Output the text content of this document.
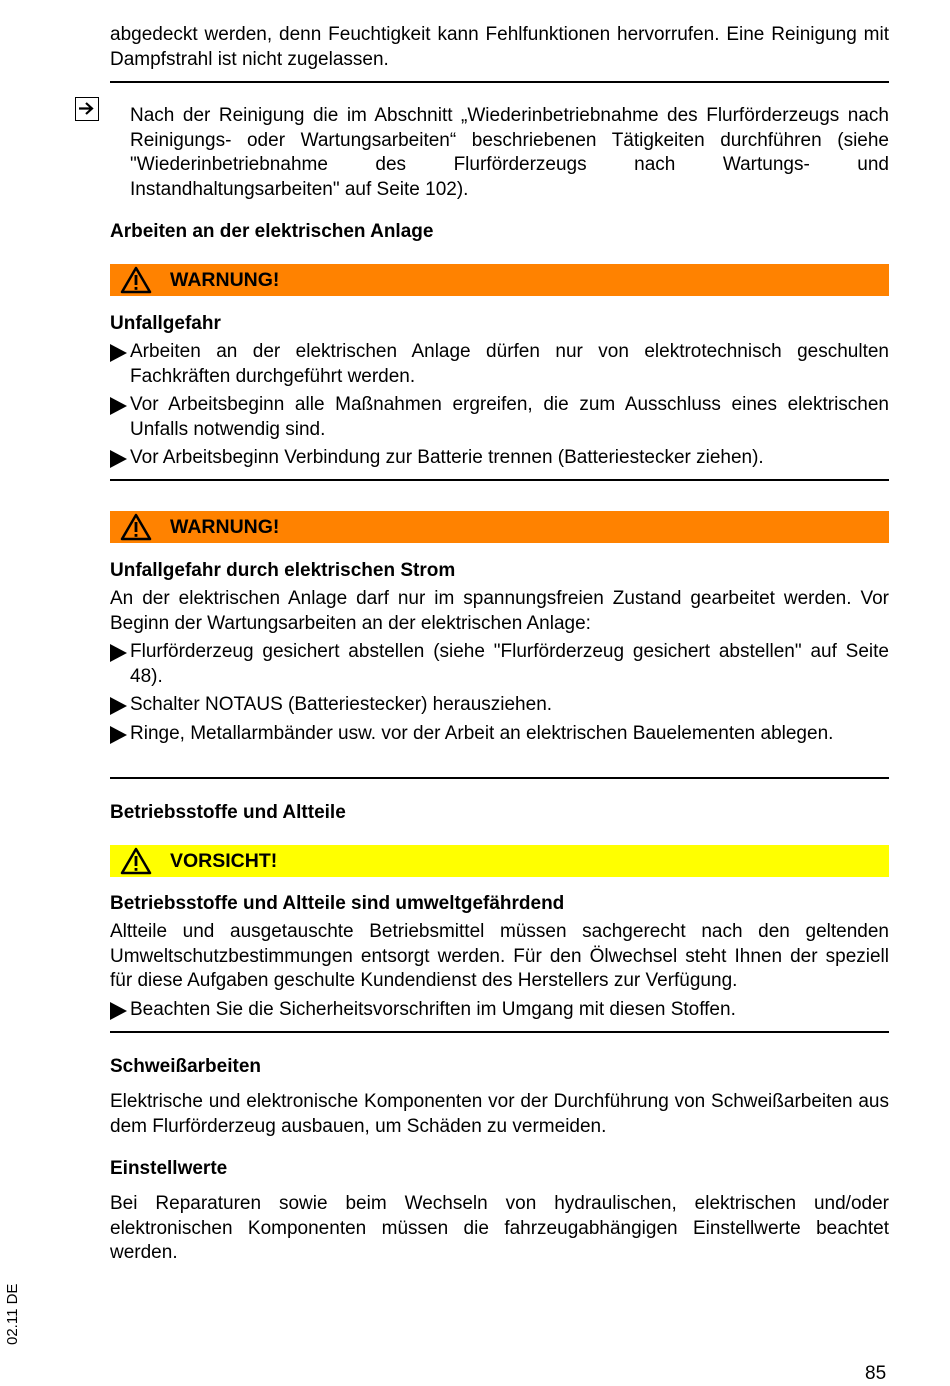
abgedeckt werden, denn Feuchtigkeit kann Fehlfunktionen hervorrufen. Eine Reinigung mit Dampfstrahl ist nicht zugelassen.

Nach der Reinigung die im Abschnitt „Wiederinbetriebnahme des Flurförderzeugs nach Reinigungs- oder Wartungsarbeiten“ beschriebenen Tätigkeiten durchführen (siehe "Wiederinbetriebnahme des Flurförderzeugs nach Wartungs- und Instandhaltungsarbeiten" auf Seite 102).

Arbeiten an der elektrischen Anlage

WARNUNG!

Unfallgefahr

Arbeiten an der elektrischen Anlage dürfen nur von elektrotechnisch geschulten Fachkräften durchgeführt werden.
Vor Arbeitsbeginn alle Maßnahmen ergreifen, die zum Ausschluss eines elektrischen Unfalls notwendig sind.
Vor Arbeitsbeginn Verbindung zur Batterie trennen (Batteriestecker ziehen).
WARNUNG!

Unfallgefahr durch elektrischen Strom

An der elektrischen Anlage darf nur im spannungsfreien Zustand gearbeitet werden. Vor Beginn der Wartungsarbeiten an der elektrischen Anlage:

Flurförderzeug gesichert abstellen (siehe "Flurförderzeug gesichert abstellen" auf Seite 48).
Schalter NOTAUS (Batteriestecker) herausziehen.
Ringe, Metallarmbänder usw. vor der Arbeit an elektrischen Bauelementen ablegen.

Betriebsstoffe und Altteile

VORSICHT!

Betriebsstoffe und Altteile sind umweltgefährdend

Altteile und ausgetauschte Betriebsmittel müssen sachgerecht nach den geltenden Umweltschutzbestimmungen entsorgt werden. Für den Ölwechsel steht Ihnen der speziell für diese Aufgaben geschulte Kundendienst des Herstellers zur Verfügung.

Beachten Sie die Sicherheitsvorschriften im Umgang mit diesen Stoffen.

Schweißarbeiten

Elektrische und elektronische Komponenten vor der Durchführung von Schweißarbeiten aus dem Flurförderzeug ausbauen, um Schäden zu vermeiden.

Einstellwerte

Bei Reparaturen sowie beim Wechseln von hydraulischen, elektrischen und/oder elektronischen Komponenten müssen die fahrzeugabhängigen Einstellwerte beachtet werden.

02.11 DE
85
